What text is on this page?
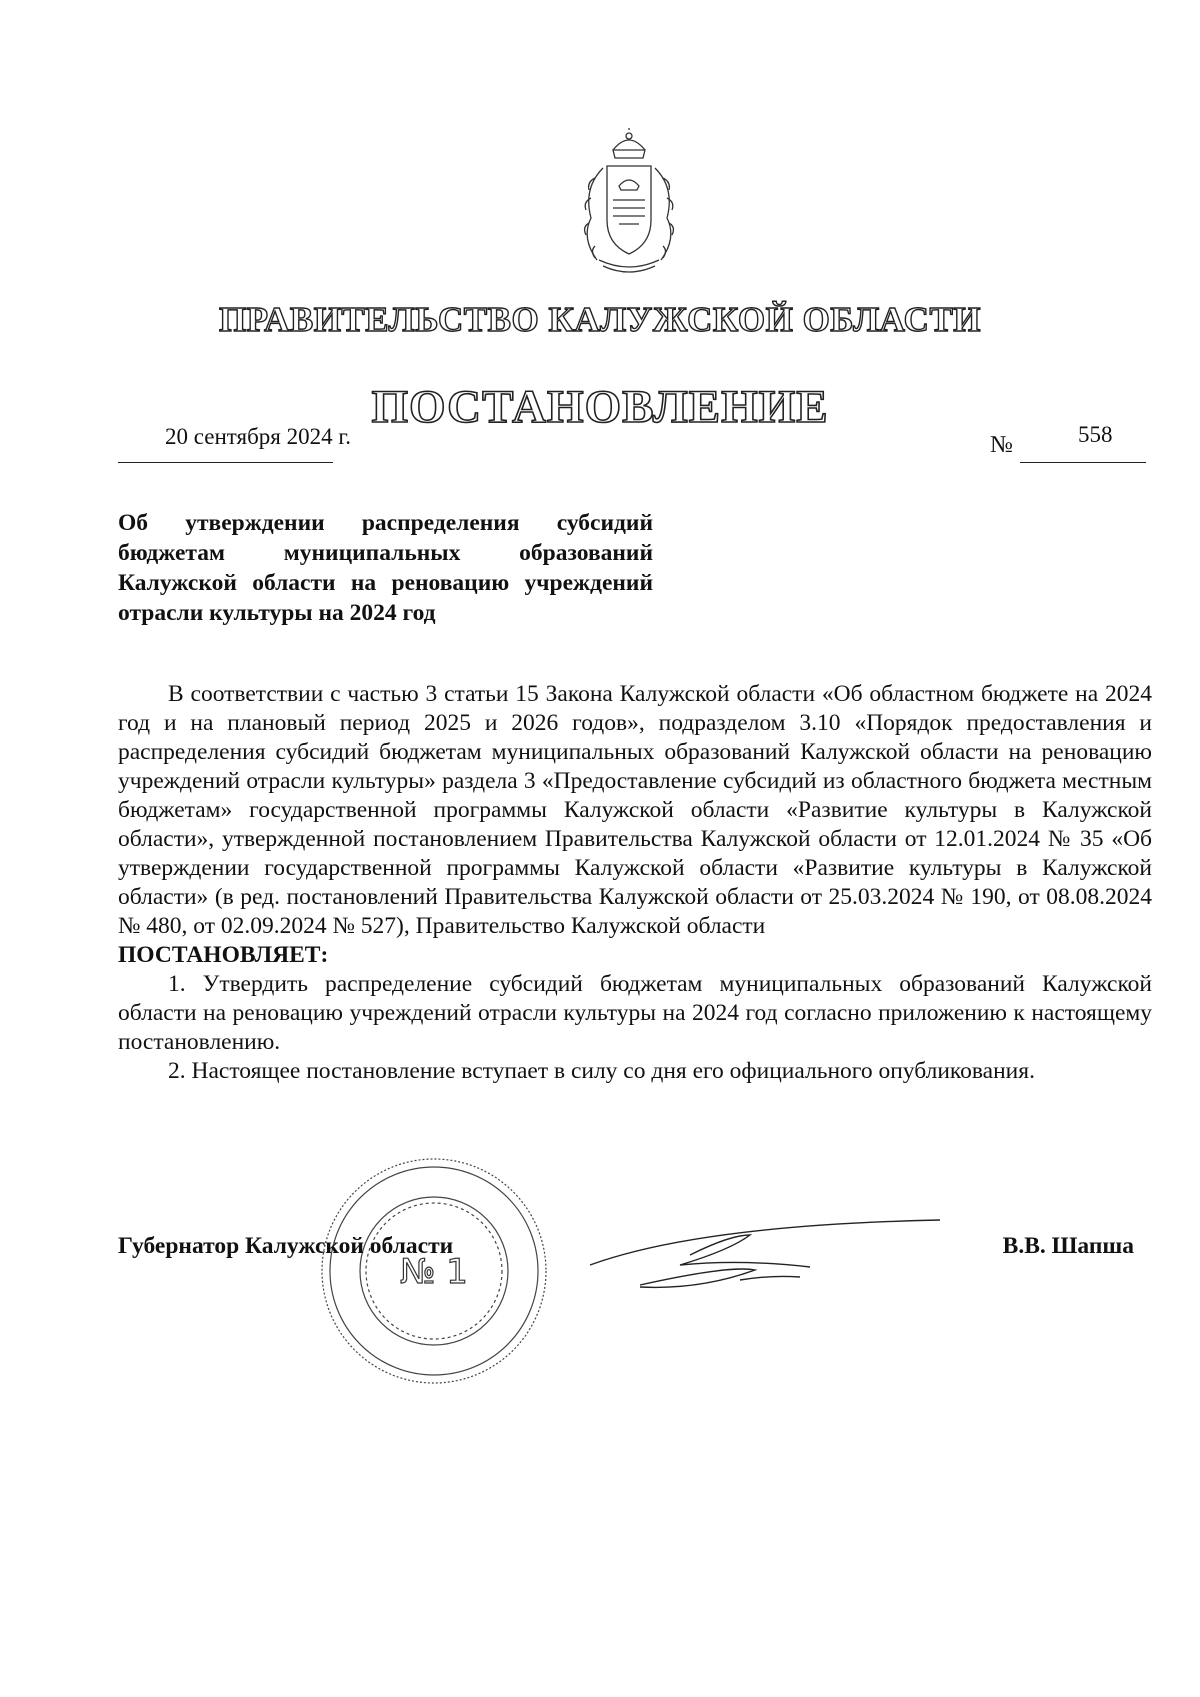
ПРАВИТЕЛЬСТВО КАЛУЖСКОЙ ОБЛАСТИ
ПОСТАНОВЛЕНИЕ
20 сентября 2024 г.	№	558
Об утверждении распределения субсидий бюджетам муниципальных образований Калужской области на реновацию учреждений отрасли культуры на 2024 год

В соответствии с частью 3 статьи 15 Закона Калужской области «Об областном бюджете на 2024 год и на плановый период 2025 и 2026 годов», подразделом 3.10 «Порядок предоставления и распределения субсидий бюджетам муниципальных образований Калужской области на реновацию учреждений отрасли культуры» раздела 3 «Предоставление субсидий из областного бюджета местным бюджетам» государственной программы Калужской области «Развитие культуры в Калужской области», утвержденной постановлением Правительства Калужской области от 12.01.2024 № 35 «Об утверждении государственной программы Калужской области «Развитие культуры в Калужской области» (в ред. постановлений Правительства Калужской области от 25.03.2024 № 190, от 08.08.2024 № 480, от 02.09.2024 № 527), Правительство Калужской области

ПОСТАНОВЛЯЕТ:

1. Утвердить распределение субсидий бюджетам муниципальных образований Калужской области на реновацию учреждений отрасли культуры на 2024 год согласно приложению к настоящему постановлению.

2. Настоящее постановление вступает в силу со дня его официального опубликования.

№ 1
Губернатор Калужской области	В.В. Шапша
